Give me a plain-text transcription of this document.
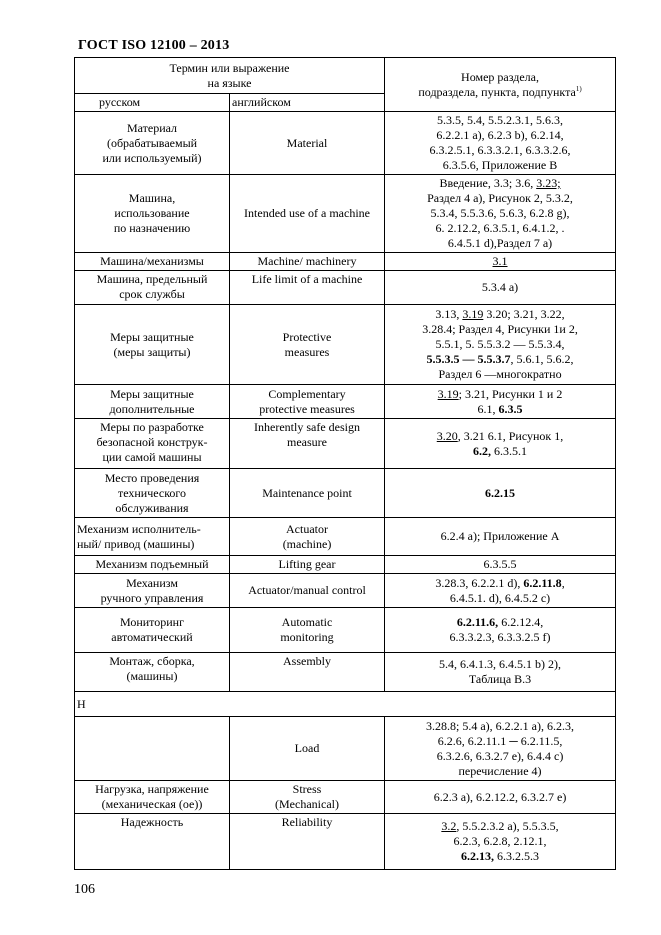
ГОСТ ISO 12100 – 2013
Термин или выражение
на языке		Номер раздела,
подраздела, пункта, подпункта$^{1)}$

русском	английском	

Материал
(обрабатываемый
или используемый)	Material	5.3.5, 5.4, 5.5.2.3.1, 5.6.3,
6.2.2.1 a), 6.2.3 b), 6.2.14,
6.3.2.5.1, 6.3.3.2.1, 6.3.3.2.6,
6.3.5.6, Приложение В

Машина,
использование
по назначению	Intended use of a machine	Введение, 3.3; 3.6, 3.23;
Раздел 4 a), Рисунок 2, 5.3.2,
5.3.4, 5.5.3.6, 5.6.3, 6.2.8 g),
6. 2.12.2, 6.3.5.1, 6.4.1.2, .
6.4.5.1 d),Раздел 7 a)

Машина/механизмы	Machine/ machinery	3.1

Машина, предельный
срок службы	Life limit of a machine	5.3.4 a)

Меры защитные
(меры защиты)	Protective
measures	3.13, 3.19 3.20; 3.21, 3.22,
3.28.4; Раздел 4, Рисунки 1и 2,
5.5.1, 5. 5.5.3.2 — 5.5.3.4,
5.5.3.5 — 5.5.3.7, 5.6.1, 5.6.2,
Раздел 6 —многократно

Меры защитные
дополнительные	Complementary
protective measures	3.19; 3.21, Рисунки 1 и 2
6.1, 6.3.5

Меры по разработке
безопасной конструк-
ции самой машины	Inherently safe design
measure	3.20, 3.21 6.1, Рисунок 1,
6.2, 6.3.5.1

Место проведения
технического
обслуживания	Maintenance point	6.2.15

Механизм исполнитель-
ный/ привод (машины)	Actuator
(machine)	6.2.4 a); Приложение А

Механизм подъемный	Lifting gear	6.3.5.5

Механизм
ручного управления	Actuator/manual control	3.28.3, 6.2.2.1 d), 6.2.11.8,
6.4.5.1. d), 6.4.5.2 c)

Мониторинг
автоматический	Automatic
monitoring	6.2.11.6, 6.2.12.4,
6.3.3.2.3, 6.3.3.2.5 f)

Монтаж, сборка,
(машины)	Assembly	5.4, 6.4.1.3, 6.4.5.1 b) 2),
Таблица В.3

Н		

	Load	3.28.8; 5.4 a), 6.2.2.1 a), 6.2.3,
6.2.6, 6.2.11.1 ─ 6.2.11.5,
6.3.2.6, 6.3.2.7 e), 6.4.4 c)
перечисление 4)

Нагрузка, напряжение
(механическая (ое))	Stress
(Mechanical)	6.2.3 a), 6.2.12.2, 6.3.2.7 e)

Надежность	Reliability	3.2, 5.5.2.3.2 a), 5.5.3.5,
6.2.3, 6.2.8, 2.12.1,
6.2.13, 6.3.2.5.3
106
